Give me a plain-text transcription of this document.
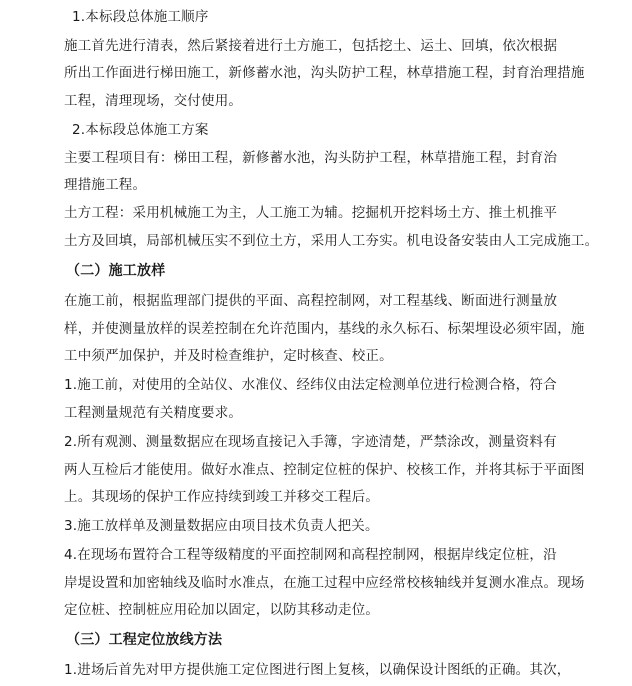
1.本标段总体施工顺序
施工首先进行清表，然后紧接着进行土方施工，包括挖土、运土、回填，依次根据
所出工作面进行梯田施工，新修蓄水池，沟头防护工程，林草措施工程，封育治理措施
工程，清理现场，交付使用。
2.本标段总体施工方案
主要工程项目有：梯田工程，新修蓄水池，沟头防护工程，林草措施工程，封育治
理措施工程。
土方工程：采用机械施工为主，人工施工为辅。挖掘机开挖料场土方、推土机推平
土方及回填，局部机械压实不到位土方，采用人工夯实。机电设备安装由人工完成施工。
（二）施工放样
在施工前，根据监理部门提供的平面、高程控制网，对工程基线、断面进行测量放
样，并使测量放样的误差控制在允许范围内，基线的永久标石、标架埋设必须牢固，施
工中须严加保护，并及时检查维护，定时核查、校正。
1.施工前，对使用的全站仪、水准仪、经纬仪由法定检测单位进行检测合格，符合
工程测量规范有关精度要求。
2.所有观测、测量数据应在现场直接记入手簿，字迹清楚，严禁涂改，测量资料有
两人互检后才能使用。做好水准点、控制定位桩的保护、校核工作，并将其标于平面图
上。其现场的保护工作应持续到竣工并移交工程后。
3.施工放样单及测量数据应由项目技术负责人把关。
4.在现场布置符合工程等级精度的平面控制网和高程控制网，根据岸线定位桩，沿
岸堤设置和加密轴线及临时水准点，在施工过程中应经常校核轴线并复测水准点。现场
定位桩、控制桩应用砼加以固定，以防其移动走位。
（三）工程定位放线方法
1.进场后首先对甲方提供施工定位图进行图上复核，以确保设计图纸的正确。其次，
